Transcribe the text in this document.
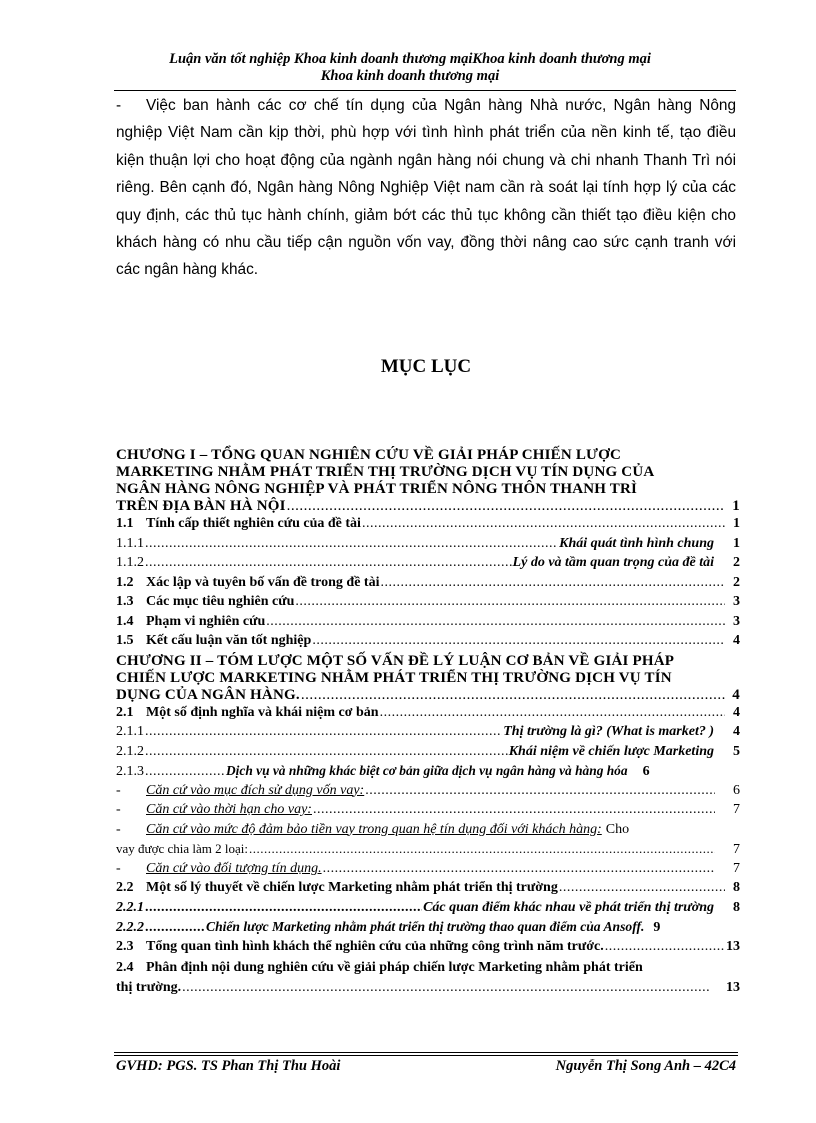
Luận văn tốt nghiệp Khoa kinh doanh thương mạiKhoa kinh doanh thương mại
Khoa kinh doanh thương mại
- Việc ban hành các cơ chế tín dụng của Ngân hàng Nhà nước, Ngân hàng Nông nghiệp Việt Nam cần kịp thời, phù hợp với tình hình phát triển của nền kinh tế, tạo điều kiện thuận lợi cho hoạt động của ngành ngân hàng nói chung và chi nhanh Thanh Trì nói riêng. Bên cạnh đó, Ngân hàng Nông Nghiệp Việt nam cần rà soát lại tính hợp lý của các quy định, các thủ tục hành chính, giảm bớt các thủ tục không cần thiết tạo điều kiện cho khách hàng có nhu cầu tiếp cận nguồn vốn vay, đồng thời nâng cao sức cạnh tranh với các ngân hàng khác.
MỤC LỤC
CHƯƠNG I – TỔNG QUAN NGHIÊN CỨU VỀ GIẢI PHÁP CHIẾN LƯỢC
MARKETING NHẰM PHÁT TRIỂN THỊ TRƯỜNG DỊCH VỤ TÍN DỤNG CỦA
NGÂN HÀNG NÔNG NGHIỆP VÀ PHÁT TRIỂN NÔNG THÔN THANH TRÌ
TRÊN ĐỊA BÀN HÀ NỘI .....	1
1.1 Tính cấp thiết nghiên cứu của đề tài .....	1
1.1.1 .....	Khái quát tình hình chung	1
1.1.2 .....	Lý do và tầm quan trọng của đề tài	2
1.2 Xác lập và tuyên bố vấn đề trong đề tài .....	2
1.3 Các mục tiêu nghiên cứu .....	3
1.4 Phạm vi nghiên cứu .....	3
1.5 Kết cấu luận văn tốt nghiệp .....	4
CHƯƠNG II – TÓM LƯỢC MỘT SỐ VẤN ĐỀ LÝ LUẬN CƠ BẢN VỀ GIẢI PHÁP
CHIẾN LƯỢC MARKETING NHẰM PHÁT TRIỂN THỊ TRƯỜNG DỊCH VỤ TÍN
DỤNG CỦA NGÂN HÀNG. .....	4
2.1 Một số định nghĩa và khái niệm cơ bản .....	4
2.1.1 .....	Thị trường là gì? (What is market? )	4
2.1.2 .....	Khái niệm về chiến lược Marketing	5
2.1.3 .....	Dịch vụ và những khác biệt cơ bản giữa dịch vụ ngân hàng và hàng hóa	6
-	Căn cứ vào mục đích sử dụng vốn vay: .....	6
-	Căn cứ vào thời hạn cho vay: .....	7
-	Căn cứ vào mức độ đảm bảo tiền vay trong quan hệ tín dụng đối với khách hàng: Cho
vay được chia làm 2 loại: .....	7
-	Căn cứ vào đối tượng tín dụng. .....	7
2.2 Một số lý thuyết về chiến lược Marketing nhằm phát triển thị trường .....	8
2.2.1 .....	Các quan điểm khác nhau về phát triển thị trường	8
2.2.2 .....	Chiến lược Marketing nhằm phát triển thị trường thao quan điểm của Ansoff. 9
2.3 Tổng quan tình hình khách thể nghiên cứu của những công trình năm trước. .....	13
2.4 Phân định nội dung nghiên cứu về giải pháp chiến lược Marketing nhằm phát triển
thị trường. .....	13
GVHD: PGS. TS Phan Thị Thu Hoài	Nguyễn Thị Song Anh – 42C4
